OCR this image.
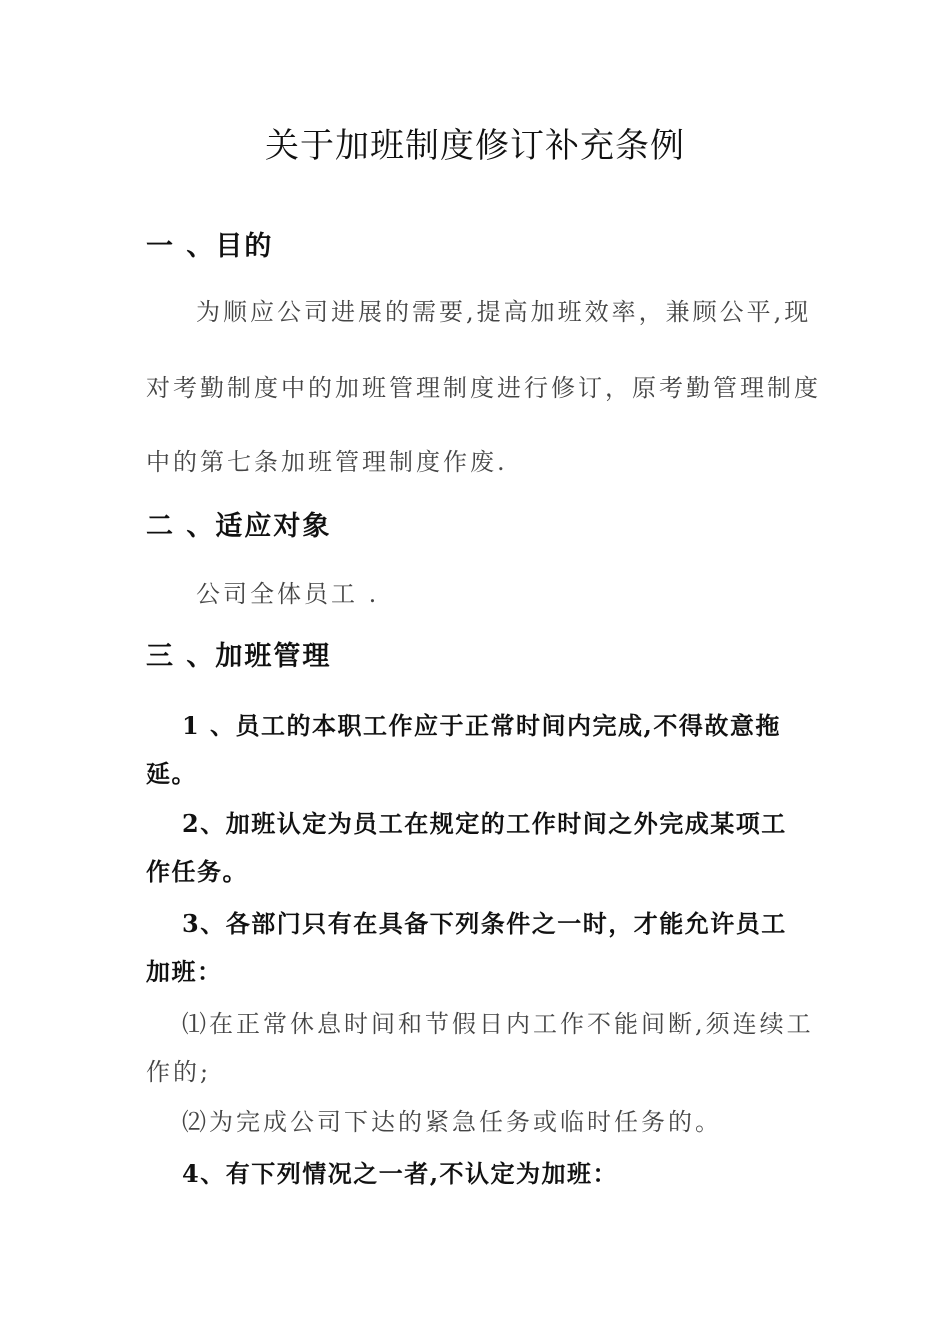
关于加班制度修订补充条例
一 、目的
为顺应公司进展的需要,提高加班效率，兼顾公平,现
对考勤制度中的加班管理制度进行修订，原考勤管理制度
中的第七条加班管理制度作废.
二 、适应对象
公司全体员工 .
三 、加班管理
1 、员工的本职工作应于正常时间内完成,不得故意拖
延。
2、加班认定为员工在规定的工作时间之外完成某项工
作任务。
3、各部门只有在具备下列条件之一时，才能允许员工
加班：
⑴在正常休息时间和节假日内工作不能间断,须连续工
作的;
⑵为完成公司下达的紧急任务或临时任务的。
4、有下列情况之一者,不认定为加班：
